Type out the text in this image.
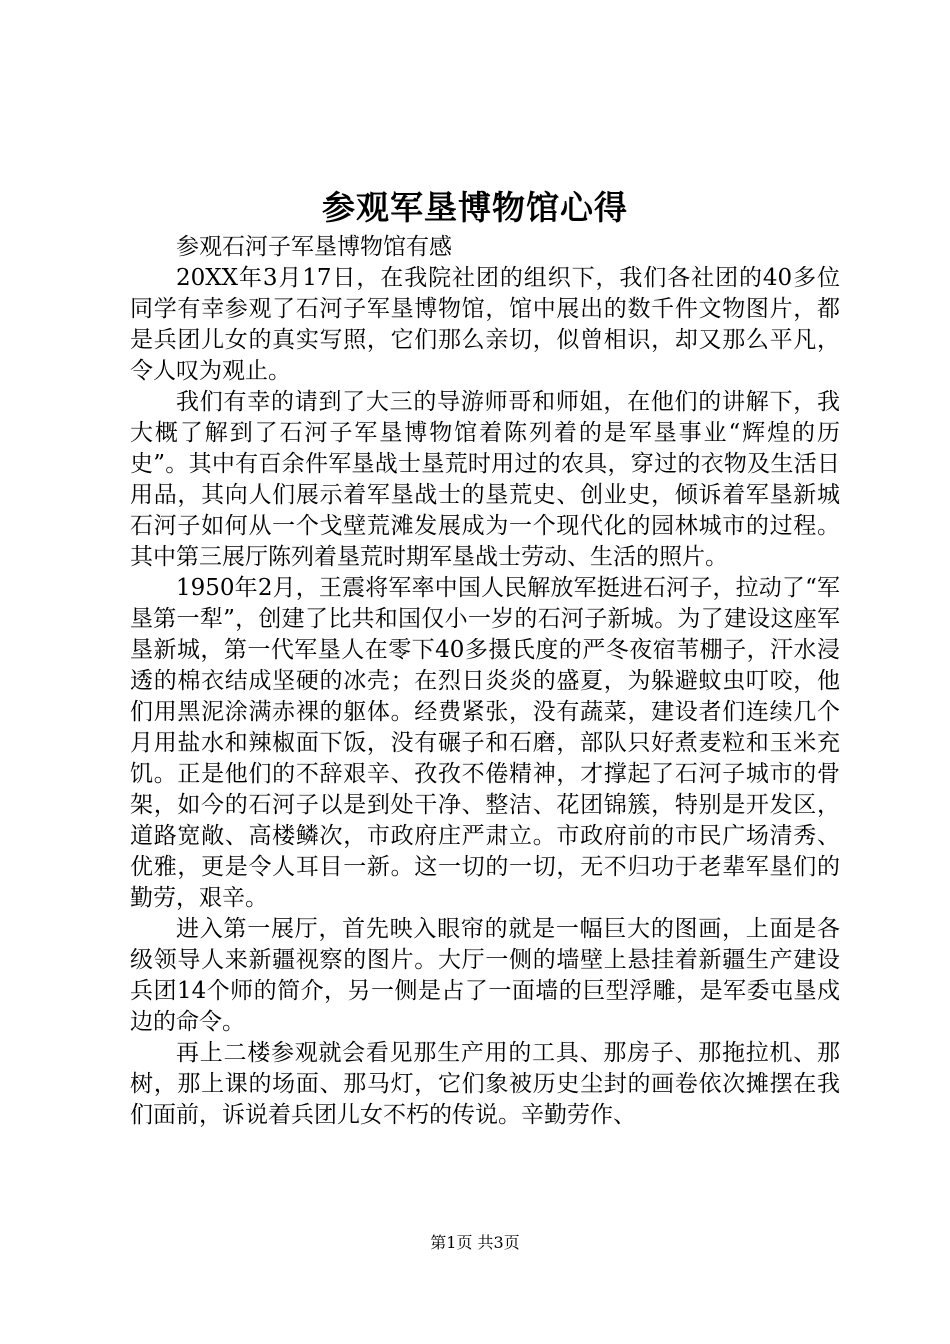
参观军垦博物馆心得

参观石河子军垦博物馆有感

20XX年3月17日，在我院社团的组织下，我们各社团的40多位同学有幸参观了石河子军垦博物馆，馆中展出的数千件文物图片，都是兵团儿女的真实写照，它们那么亲切，似曾相识，却又那么平凡，令人叹为观止。

我们有幸的请到了大三的导游师哥和师姐，在他们的讲解下，我大概了解到了石河子军垦博物馆着陈列着的是军垦事业“辉煌的历史”。其中有百余件军垦战士垦荒时用过的农具，穿过的衣物及生活日用品，其向人们展示着军垦战士的垦荒史、创业史，倾诉着军垦新城石河子如何从一个戈壁荒滩发展成为一个现代化的园林城市的过程。其中第三展厅陈列着垦荒时期军垦战士劳动、生活的照片。

1950年2月，王震将军率中国人民解放军挺进石河子，拉动了“军垦第一犁”，创建了比共和国仅小一岁的石河子新城。为了建设这座军垦新城，第一代军垦人在零下40多摄氏度的严冬夜宿苇棚子，汗水浸透的棉衣结成坚硬的冰壳；在烈日炎炎的盛夏，为躲避蚊虫叮咬，他们用黑泥涂满赤裸的躯体。经费紧张，没有蔬菜，建设者们连续几个月用盐水和辣椒面下饭，没有碾子和石磨，部队只好煮麦粒和玉米充饥。正是他们的不辞艰辛、孜孜不倦精神，才撑起了石河子城市的骨架，如今的石河子以是到处干净、整洁、花团锦簇，特别是开发区，道路宽敞、高楼鳞次，市政府庄严肃立。市政府前的市民广场清秀、优雅，更是令人耳目一新。这一切的一切，无不归功于老辈军垦们的勤劳，艰辛。

进入第一展厅，首先映入眼帘的就是一幅巨大的图画，上面是各级领导人来新疆视察的图片。大厅一侧的墙壁上悬挂着新疆生产建设兵团14个师的简介，另一侧是占了一面墙的巨型浮雕，是军委屯垦戍边的命令。

再上二楼参观就会看见那生产用的工具、那房子、那拖拉机、那树，那上课的场面、那马灯，它们象被历史尘封的画卷依次摊摆在我们面前，诉说着兵团儿女不朽的传说。辛勤劳作、

第1页 共3页
